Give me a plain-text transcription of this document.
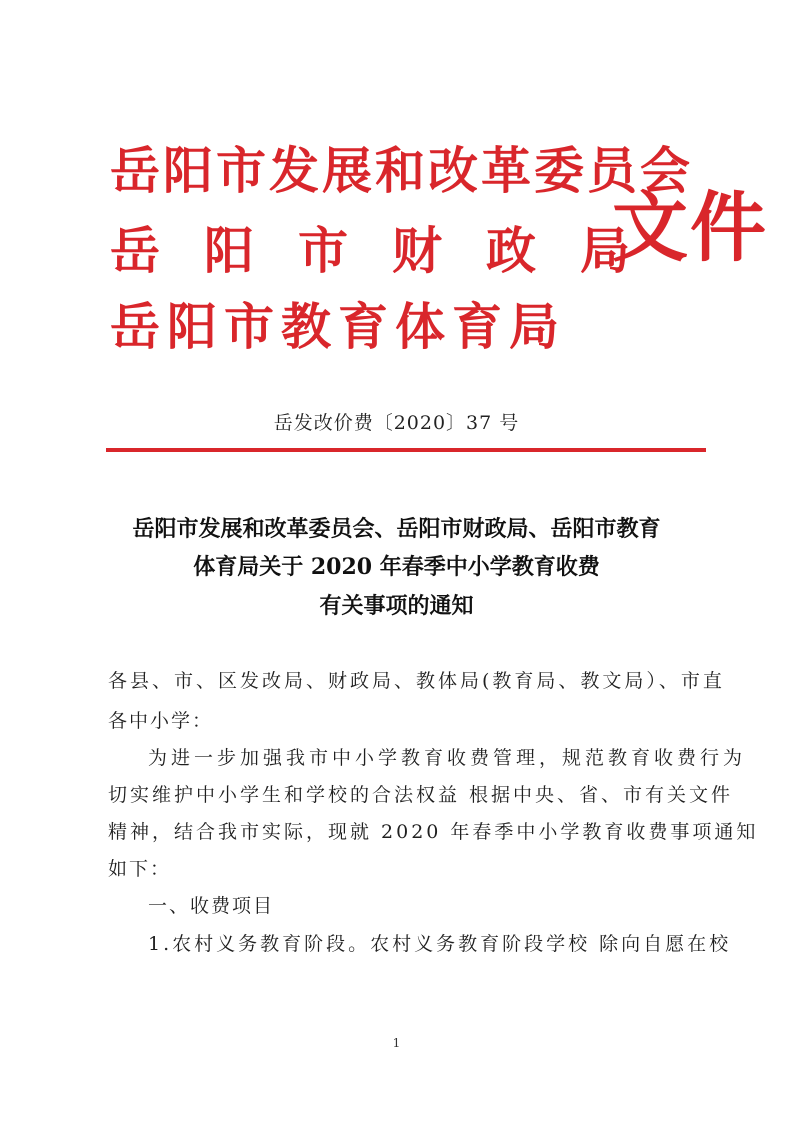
岳阳市发展和改革委员会
岳阳市财政局
岳阳市教育体育局
文件
岳发改价费〔2020〕37 号
岳阳市发展和改革委员会、岳阳市财政局、岳阳市教育
体育局关于 2020 年春季中小学教育收费
有关事项的通知
各县、市、区发改局、财政局、教体局(教育局、教文局）、市直
各中小学：
为进一步加强我市中小学教育收费管理，规范教育收费行为
切实维护中小学生和学校的合法权益 根据中央、省、市有关文件
精神，结合我市实际，现就 2020 年春季中小学教育收费事项通知
如下：
一、收费项目
1.农村义务教育阶段。农村义务教育阶段学校 除向自愿在校
1
